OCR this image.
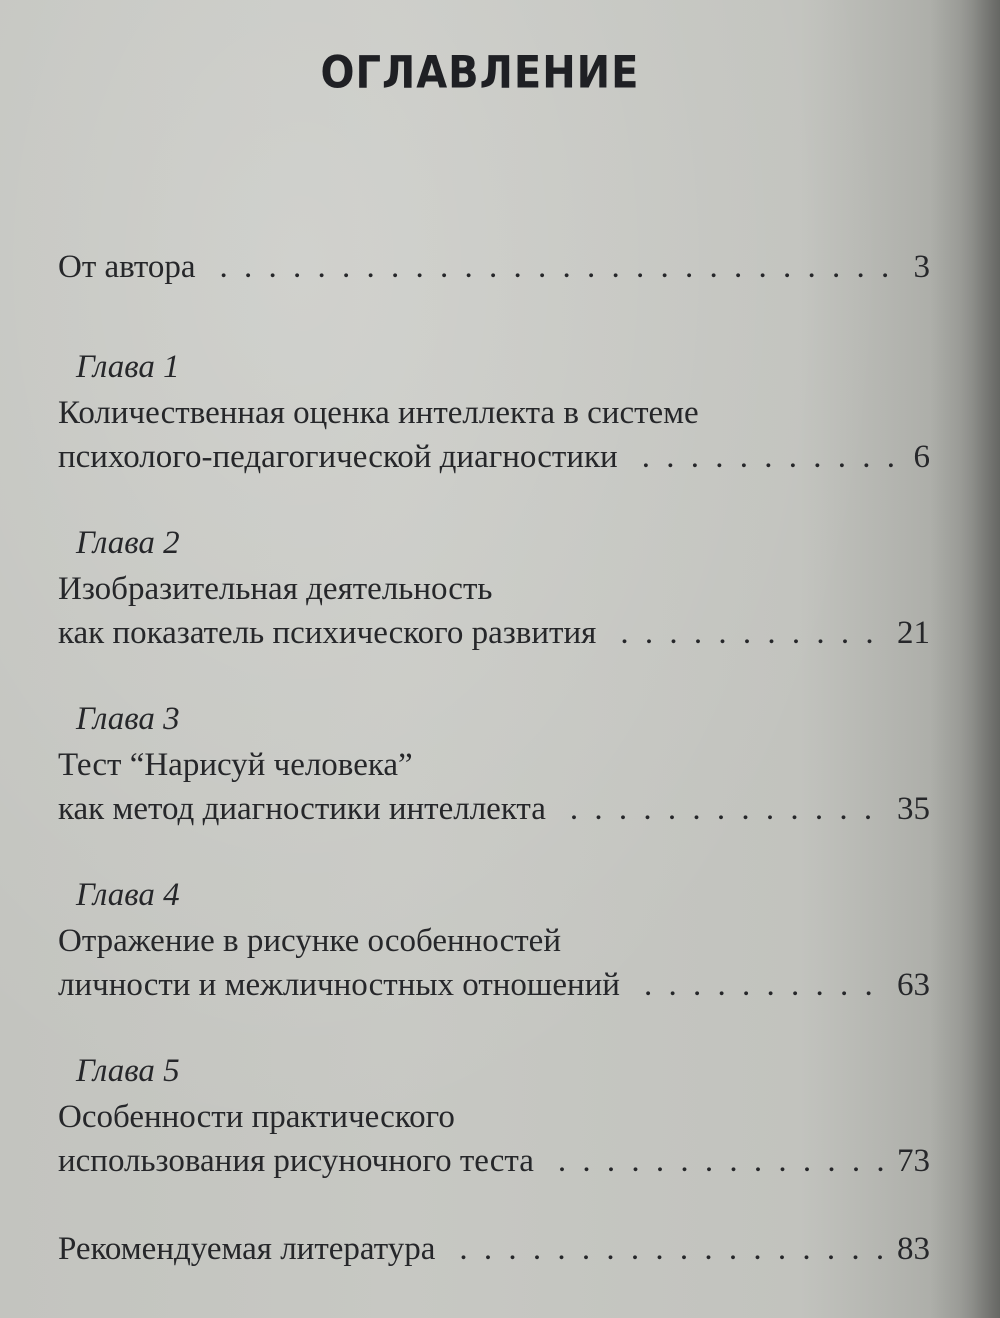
ОГЛАВЛЕНИЕ
От автора . . .	3
Глава 1
Количественная оценка интеллекта в системе
психолого-педагогической диагностики . . .	6
Глава 2
Изобразительная деятельность
как показатель психического развития . . .	21
Глава 3
Тест “Нарисуй человека”
как метод диагностики интеллекта . . .	35
Глава 4
Отражение в рисунке особенностей
личности и межличностных отношений . . .	63
Глава 5
Особенности практического
использования рисуночного теста . . .	73
Рекомендуемая литература . . .	83
